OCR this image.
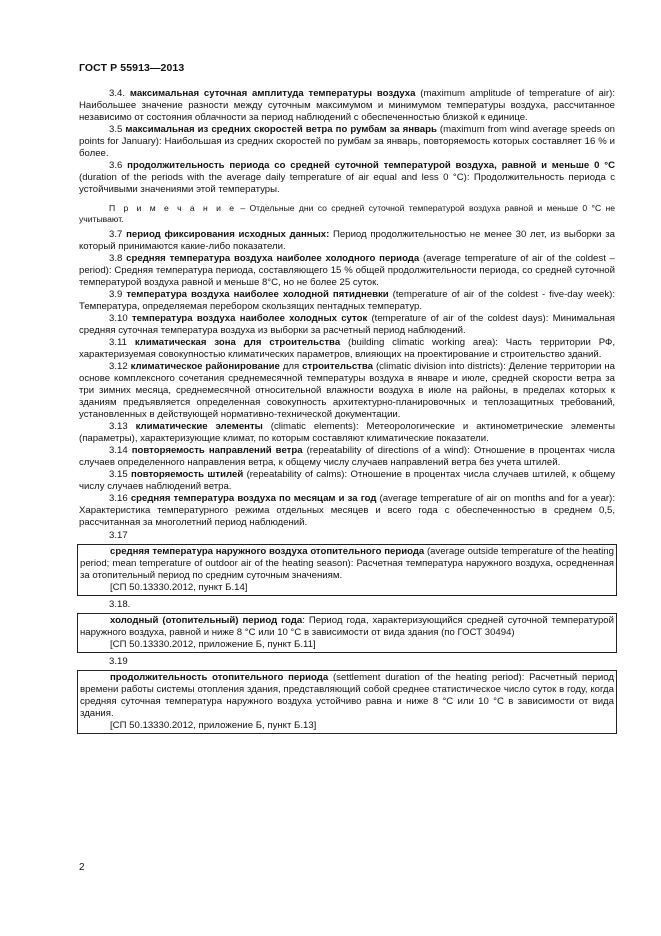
ГОСТ Р 55913—2013

3.4. максимальная суточная амплитуда температуры воздуха (maximum amplitude of temperature of air): Наибольшее значение разности между суточным максимумом и минимумом температуры воздуха, рассчитанное независимо от состояния облачности за период наблюдений с обеспеченностью близкой к единице.

3.5 максимальная из средних скоростей ветра по румбам за январь (maximum from wind average speeds on points for January): Наибольшая из средних скоростей по румбам за январь, повторяемость которых составляет 16 % и более.

3.6 продолжительность периода со средней суточной температурой воздуха, равной и меньше 0 °С (duration of the periods with the average daily temperature of air equal and less 0 °C): Продолжительность периода с устойчивыми значениями этой температуры.

П р и м е ч а н и е – Отдельные дни со средней суточной температурой воздуха равной и меньше 0 °С не учитывают.

3.7 период фиксирования исходных данных: Период продолжительностью не менее 30 лет, из выборки за который принимаются какие-либо показатели.

3.8 средняя температура воздуха наиболее холодного периода (average temperature of air of the coldest – period): Средняя температура периода, составляющего 15 % общей продолжительности периода, со средней суточной температурой воздуха равной и меньше 8°С, но не более 25 суток.

3.9 температура воздуха наиболее холодной пятидневки (temperature of air of the coldest - five-day week): Температура, определяемая перебором скользящих пентадных температур.

3.10 температура воздуха наиболее холодных суток (temperature of air of the coldest days): Минимальная средняя суточная температура воздуха из выборки за расчетный период наблюдений.

3.11 климатическая зона для строительства (building climatic working area): Часть территории РФ, характеризуемая совокупностью климатических параметров, влияющих на проектирование и строительство зданий.

3.12 климатическое районирование для строительства (climatic division into districts): Деление территории на основе комплексного сочетания среднемесячной температуры воздуха в январе и июле, средней скорости ветра за три зимних месяца, среднемесячной относительной влажности воздуха в июле на районы, в пределах которых к зданиям предъявляется определенная совокупность архитектурно-планировочных и теплозащитных требований, установленных в действующей нормативно-технической документации.

3.13 климатические элементы (climatic elements): Метеорологические и актинометрические элементы (параметры), характеризующие климат, по которым составляют климатические показатели.

3.14 повторяемость направлений ветра (repeatability of directions of a wind): Отношение в процентах числа случаев определенного направления ветра, к общему числу случаев направлений ветра без учета штилей.

3.15 повторяемость штилей (repeatability of calms): Отношение в процентах числа случаев штилей, к общему числу случаев наблюдений ветра.

3.16 средняя температура воздуха по месяцам и за год (average temperature of air on months and for a year): Характеристика температурного режима отдельных месяцев и всего года с обеспеченностью в среднем 0,5, рассчитанная за многолетний период наблюдений.

3.17

средняя температура наружного воздуха отопительного периода (average outside temperature of the heating period; mean temperature of outdoor air of the heating season): Расчетная температура наружного воздуха, осредненная за отопительный период по средним суточным значениям.

[СП 50.13330.2012, пункт Б.14]
3.18.

холодный (отопительный) период года: Период года, характеризующийся средней суточной температурой наружного воздуха, равной и ниже 8 °С или 10 °С в зависимости от вида здания (по ГОСТ 30494)

[СП 50.13330.2012, приложение Б, пункт Б.11]
3.19

продолжительность отопительного периода (settlement duration of the heating period): Расчетный период времени работы системы отопления здания, представляющий собой среднее статистическое число суток в году, когда средняя суточная температура наружного воздуха устойчиво равна и ниже 8 °С или 10 °С в зависимости от вида здания.

[СП 50.13330.2012, приложение Б, пункт Б.13]
2
